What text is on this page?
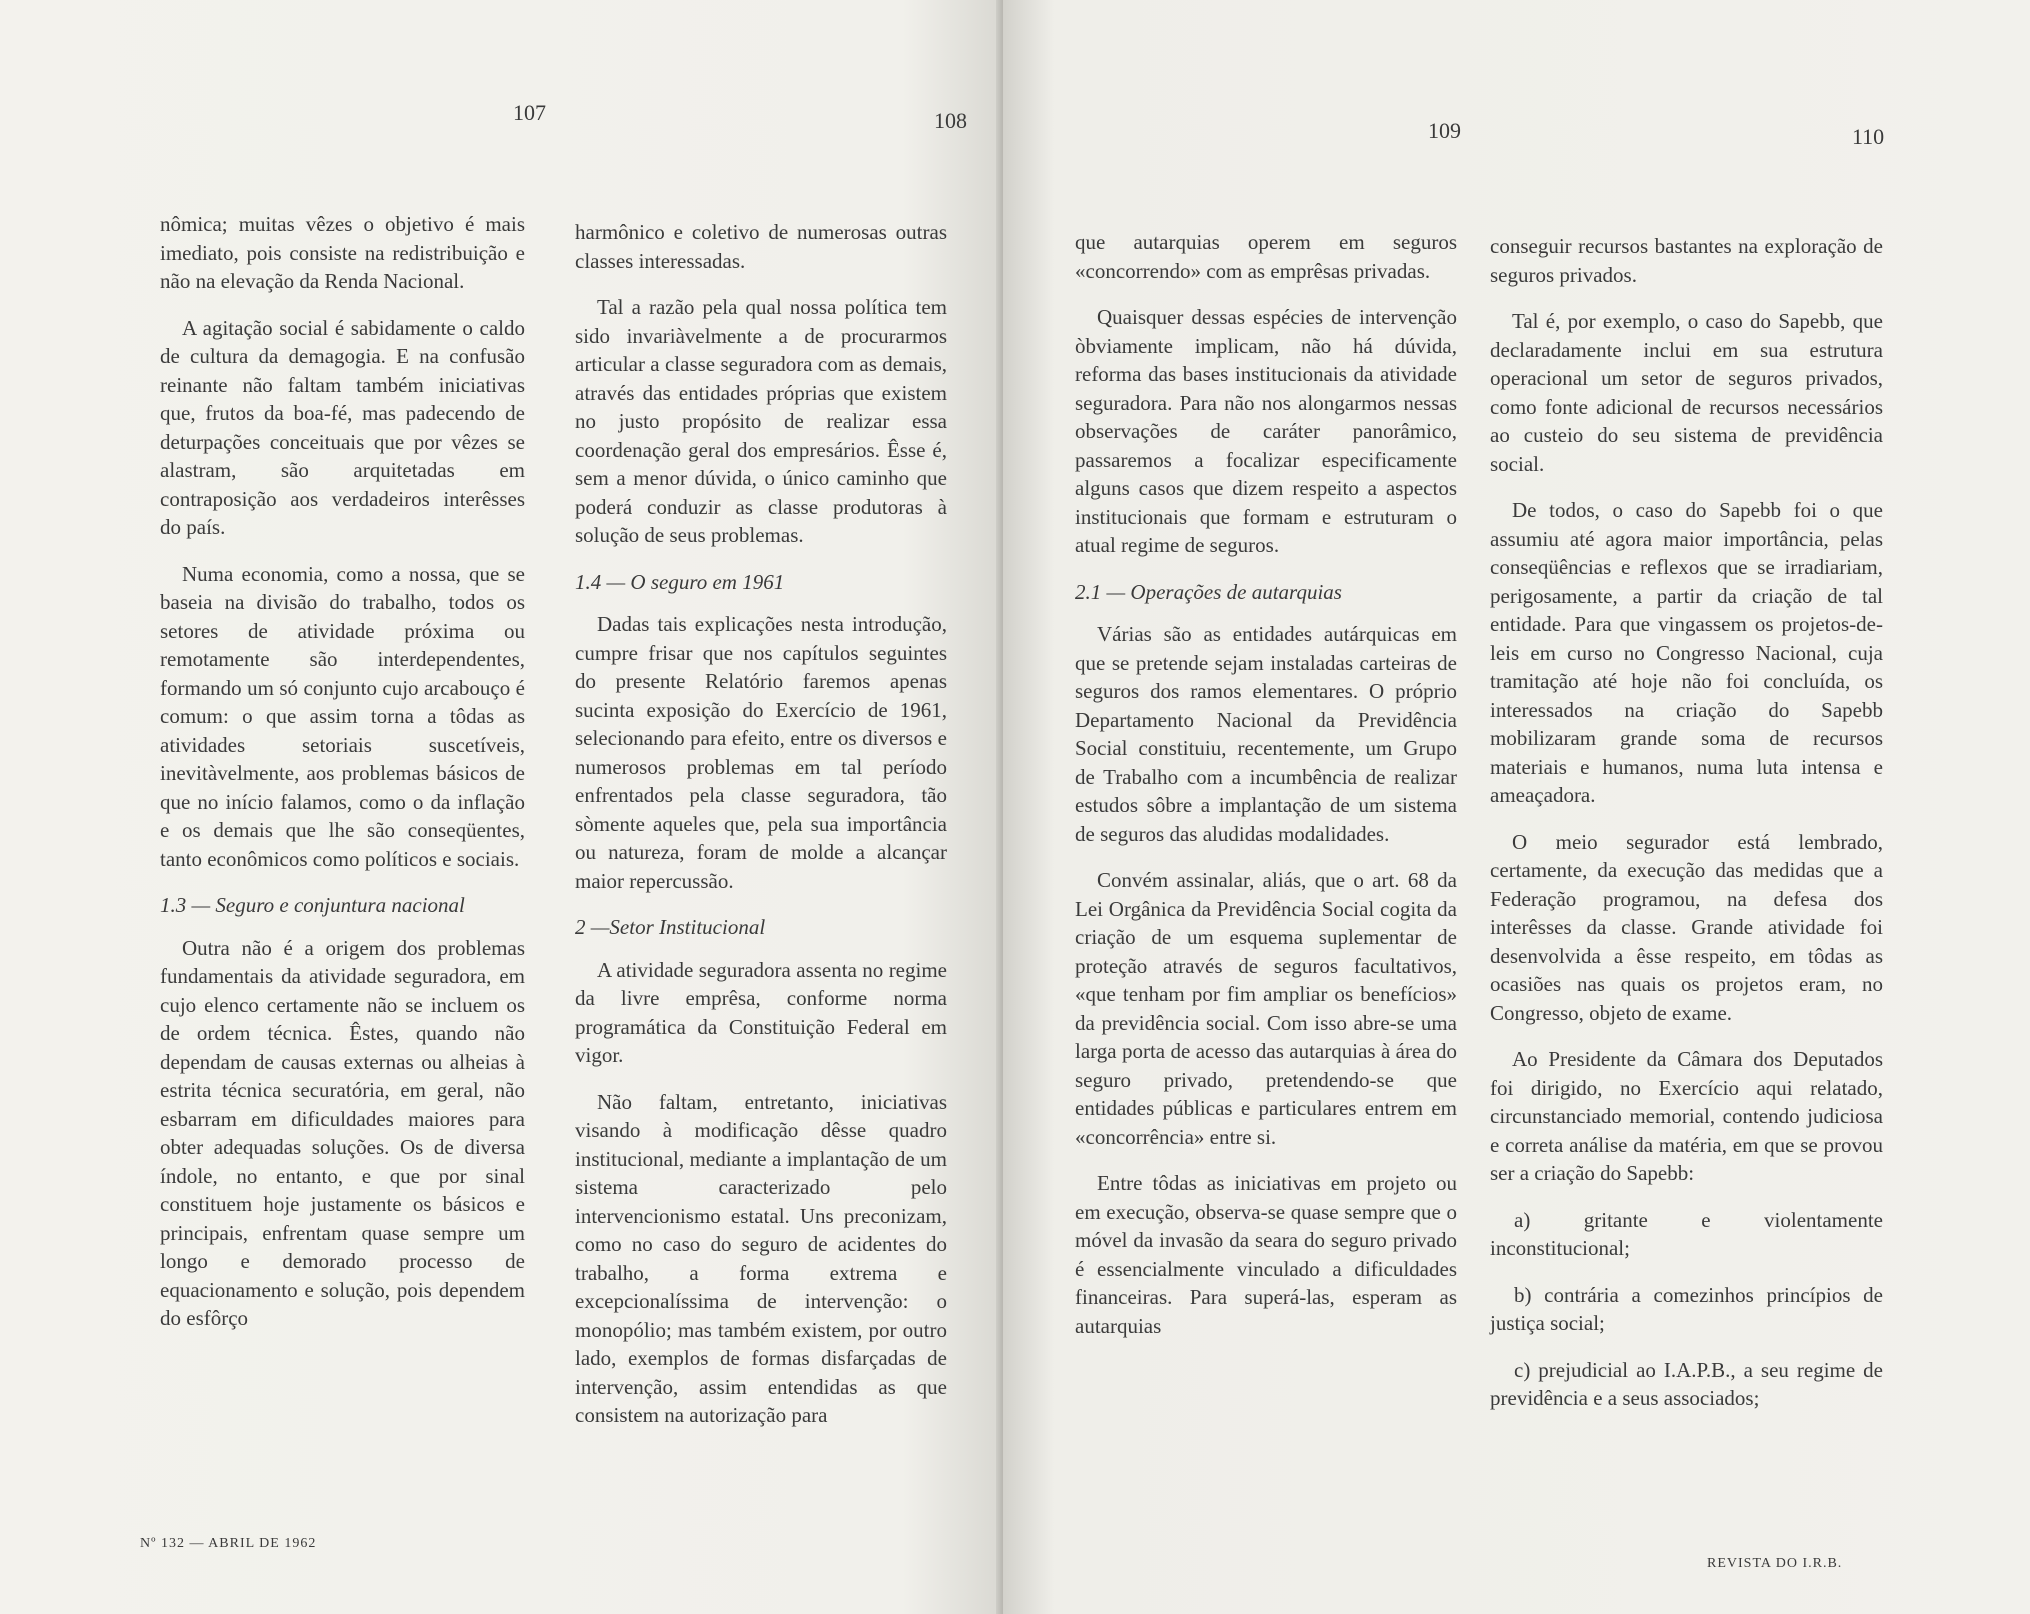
107	108

nômica; muitas vêzes o objetivo é mais imediato, pois consiste na redistribuição e não na elevação da Renda Nacional.

A agitação social é sabidamente o caldo de cultura da demagogia. E na confusão reinante não faltam também iniciativas que, frutos da boa-fé, mas padecendo de deturpações conceituais que por vêzes se alastram, são arquitetadas em contraposição aos verdadeiros interêsses do país.

Numa economia, como a nossa, que se baseia na divisão do trabalho, todos os setores de atividade próxima ou remotamente são interdependentes, formando um só conjunto cujo arcabouço é comum: o que assim torna a tôdas as atividades setoriais suscetíveis, inevitàvelmente, aos problemas básicos de que no início falamos, como o da inflação e os demais que lhe são conseqüentes, tanto econômicos como políticos e sociais.

1.3 — Seguro e conjuntura nacional

Outra não é a origem dos problemas fundamentais da atividade seguradora, em cujo elenco certamente não se incluem os de ordem técnica. Êstes, quando não dependam de causas externas ou alheias à estrita técnica securatória, em geral, não esbarram em dificuldades maiores para obter adequadas soluções. Os de diversa índole, no entanto, e que por sinal constituem hoje justamente os básicos e principais, enfrentam quase sempre um longo e demorado processo de equacionamento e solução, pois dependem do esfôrço

harmônico e coletivo de numerosas outras classes interessadas.

Tal a razão pela qual nossa política tem sido invariàvelmente a de procurarmos articular a classe seguradora com as demais, através das entidades próprias que existem no justo propósito de realizar essa coordenação geral dos empresários. Êsse é, sem a menor dúvida, o único caminho que poderá conduzir as classe produtoras à solução de seus problemas.

1.4 — O seguro em 1961

Dadas tais explicações nesta introdução, cumpre frisar que nos capítulos seguintes do presente Relatório faremos apenas sucinta exposição do Exercício de 1961, selecionando para efeito, entre os diversos e numerosos problemas em tal período enfrentados pela classe seguradora, tão sòmente aqueles que, pela sua importância ou natureza, foram de molde a alcançar maior repercussão.

2 —Setor Institucional

A atividade seguradora assenta no regime da livre emprêsa, conforme norma programática da Constituição Federal em vigor.

Não faltam, entretanto, iniciativas visando à modificação dêsse quadro institucional, mediante a implantação de um sistema caracterizado pelo intervencionismo estatal. Uns preconizam, como no caso do seguro de acidentes do trabalho, a forma extrema e excepcionalíssima de intervenção: o monopólio; mas também existem, por outro lado, exemplos de formas disfarçadas de intervenção, assim entendidas as que consistem na autorização para

Nº 132 — ABRIL DE 1962
109	110

que autarquias operem em seguros «concorrendo» com as emprêsas privadas.

Quaisquer dessas espécies de intervenção òbviamente implicam, não há dúvida, reforma das bases institucionais da atividade seguradora. Para não nos alongarmos nessas observações de caráter panorâmico, passaremos a focalizar especificamente alguns casos que dizem respeito a aspectos institucionais que formam e estruturam o atual regime de seguros.

2.1 — Operações de autarquias

Várias são as entidades autárquicas em que se pretende sejam instaladas carteiras de seguros dos ramos elementares. O próprio Departamento Nacional da Previdência Social constituiu, recentemente, um Grupo de Trabalho com a incumbência de realizar estudos sôbre a implantação de um sistema de seguros das aludidas modalidades.

Convém assinalar, aliás, que o art. 68 da Lei Orgânica da Previdência Social cogita da criação de um esquema suplementar de proteção através de seguros facultativos, «que tenham por fim ampliar os benefícios» da previdência social. Com isso abre-se uma larga porta de acesso das autarquias à área do seguro privado, pretendendo-se que entidades públicas e particulares entrem em «concorrência» entre si.

Entre tôdas as iniciativas em projeto ou em execução, observa-se quase sempre que o móvel da invasão da seara do seguro privado é essencialmente vinculado a dificuldades financeiras. Para superá-las, esperam as autarquias

conseguir recursos bastantes na exploração de seguros privados.

Tal é, por exemplo, o caso do Sapebb, que declaradamente inclui em sua estrutura operacional um setor de seguros privados, como fonte adicional de recursos necessários ao custeio do seu sistema de previdência social.

De todos, o caso do Sapebb foi o que assumiu até agora maior importância, pelas conseqüências e reflexos que se irradiariam, perigosamente, a partir da criação de tal entidade. Para que vingassem os projetos-de-leis em curso no Congresso Nacional, cuja tramitação até hoje não foi concluída, os interessados na criação do Sapebb mobilizaram grande soma de recursos materiais e humanos, numa luta intensa e ameaçadora.

O meio segurador está lembrado, certamente, da execução das medidas que a Federação programou, na defesa dos interêsses da classe. Grande atividade foi desenvolvida a êsse respeito, em tôdas as ocasiões nas quais os projetos eram, no Congresso, objeto de exame.

Ao Presidente da Câmara dos Deputados foi dirigido, no Exercício aqui relatado, circunstanciado memorial, contendo judiciosa e correta análise da matéria, em que se provou ser a criação do Sapebb:

a) gritante e violentamente inconstitucional;

b) contrária a comezinhos princípios de justiça social;

c) prejudicial ao I.A.P.B., a seu regime de previdência e a seus associados;

REVISTA DO I.R.B.
